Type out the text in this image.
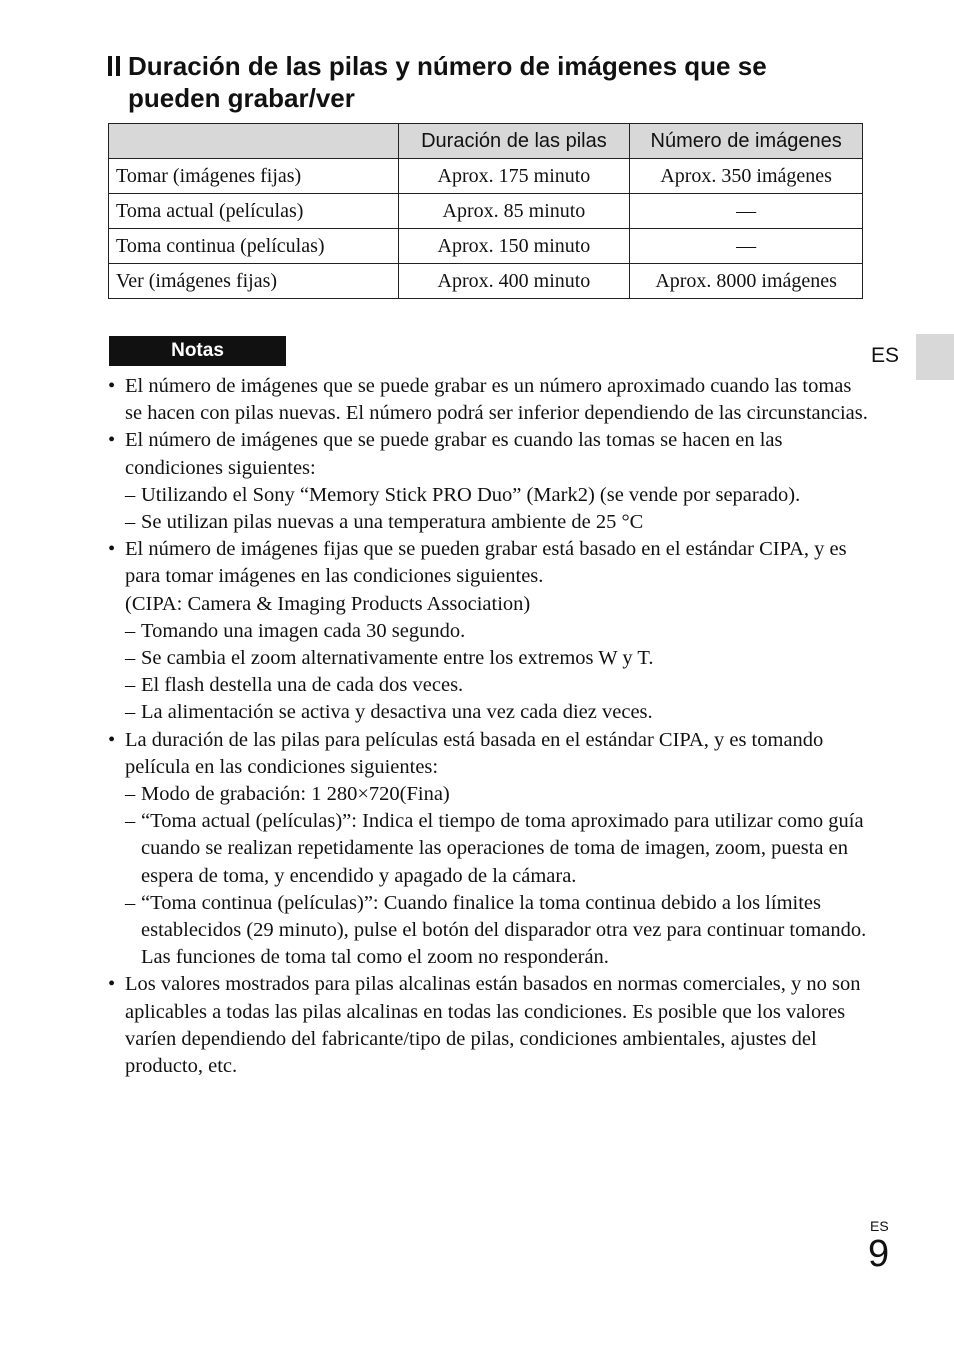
Duración de las pilas y número de imágenes que se
pueden grabar/ver
	Duración de las pilas	Número de imágenes
Tomar (imágenes fijas)	Aprox. 175 minuto	Aprox. 350 imágenes
Toma actual (películas)	Aprox. 85 minuto	—
Toma continua (películas)	Aprox. 150 minuto	—
Ver (imágenes fijas)	Aprox. 400 minuto	Aprox. 8000 imágenes
Notas	ES
• El número de imágenes que se puede grabar es un número aproximado cuando las tomas se hacen con pilas nuevas. El número podrá ser inferior dependiendo de las circunstancias.
• El número de imágenes que se puede grabar es cuando las tomas se hacen en las condiciones siguientes:
– Utilizando el Sony “Memory Stick PRO Duo” (Mark2) (se vende por separado).
– Se utilizan pilas nuevas a una temperatura ambiente de 25 °C
• El número de imágenes fijas que se pueden grabar está basado en el estándar CIPA, y es para tomar imágenes en las condiciones siguientes.
(CIPA: Camera & Imaging Products Association)
– Tomando una imagen cada 30 segundo.
– Se cambia el zoom alternativamente entre los extremos W y T.
– El flash destella una de cada dos veces.
– La alimentación se activa y desactiva una vez cada diez veces.
• La duración de las pilas para películas está basada en el estándar CIPA, y es tomando película en las condiciones siguientes:
– Modo de grabación: 1 280×720(Fina)
– “Toma actual (películas)”: Indica el tiempo de toma aproximado para utilizar como guía cuando se realizan repetidamente las operaciones de toma de imagen, zoom, puesta en espera de toma, y encendido y apagado de la cámara.
– “Toma continua (películas)”: Cuando finalice la toma continua debido a los límites establecidos (29 minuto), pulse el botón del disparador otra vez para continuar tomando. Las funciones de toma tal como el zoom no responderán.
• Los valores mostrados para pilas alcalinas están basados en normas comerciales, y no son aplicables a todas las pilas alcalinas en todas las condiciones. Es posible que los valores varíen dependiendo del fabricante/tipo de pilas, condiciones ambientales, ajustes del producto, etc.
ES
9
